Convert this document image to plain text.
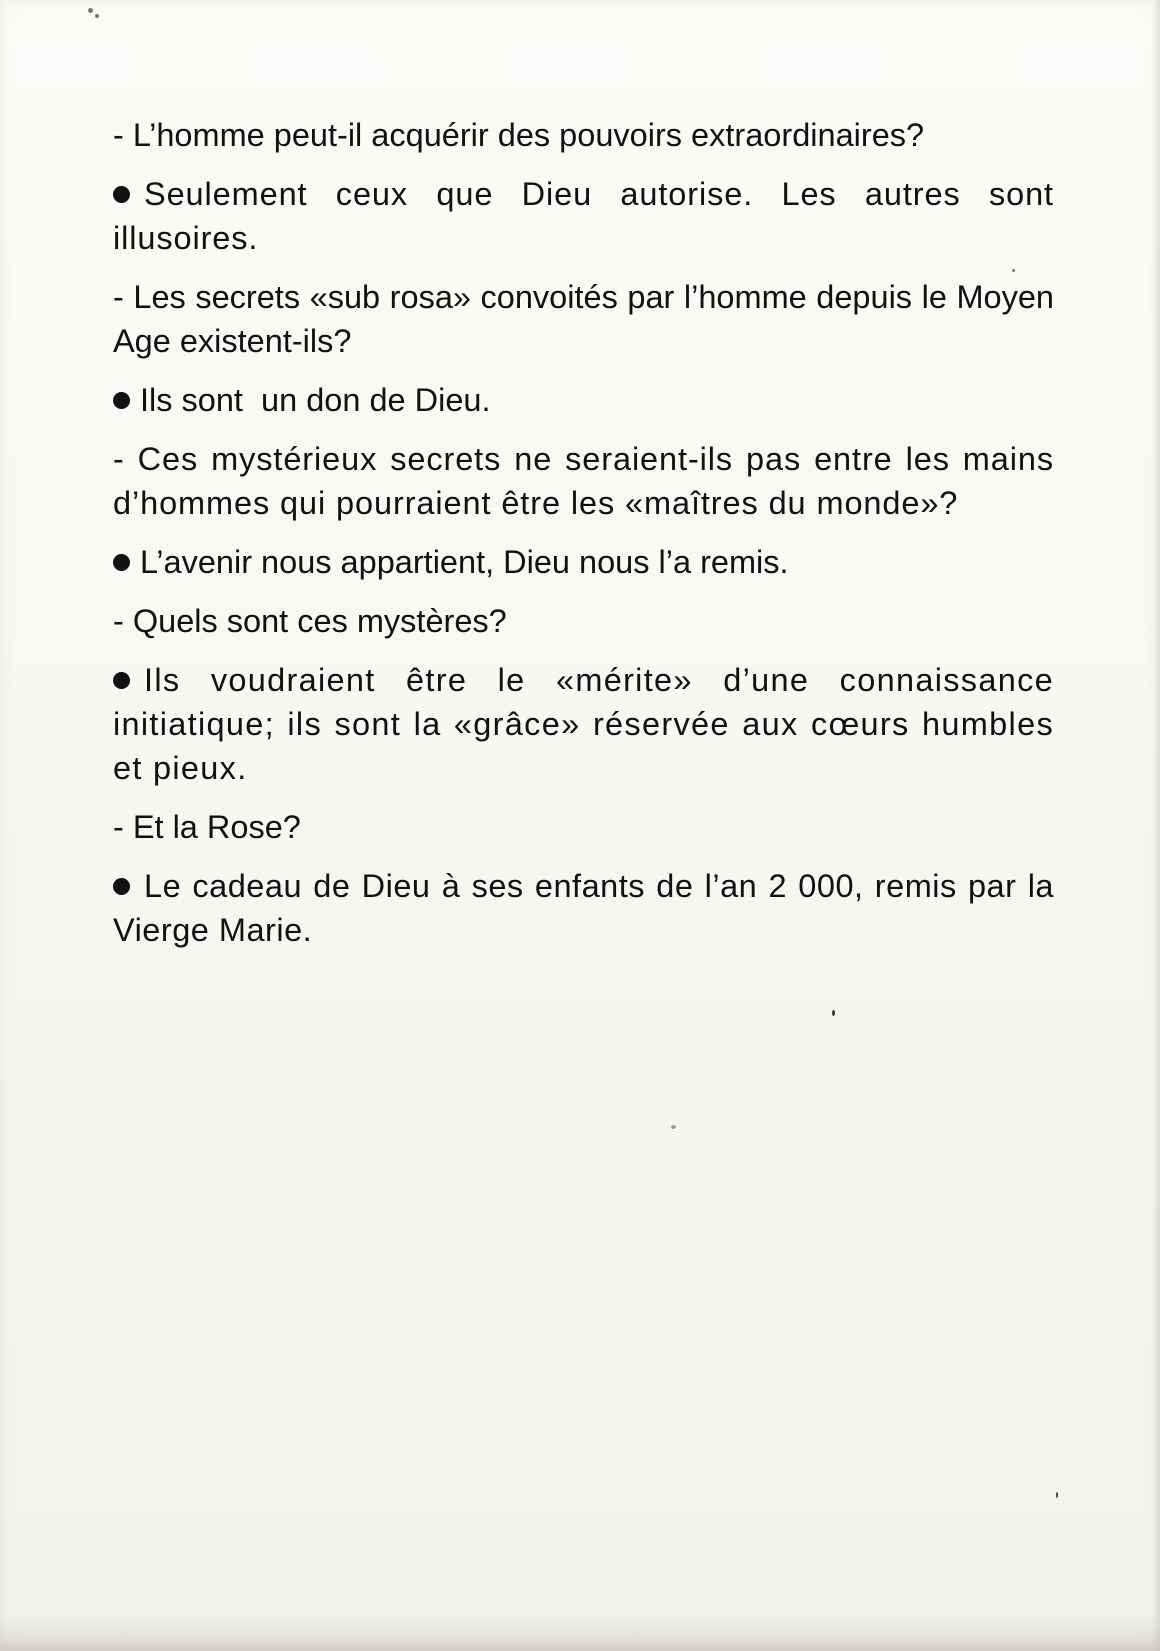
- L’homme peut-il acquérir des pouvoirs extraordinaires?

Seulement ceux que Dieu autorise. Les autres sont illusoires.

- Les secrets «sub rosa» convoités par l’homme depuis le Moyen Age existent-ils?

Ils sont  un don de Dieu.

- Ces mystérieux secrets ne seraient-ils pas entre les mains d’hommes qui pourraient être les «maîtres du monde»?

L’avenir nous appartient, Dieu nous l’a remis.

- Quels sont ces mystères?

Ils voudraient être le «mérite» d’une connaissance initiatique; ils sont la «grâce» réservée aux cœurs humbles et pieux.

- Et la Rose?

Le cadeau de Dieu à ses enfants de l’an 2 000, remis par la Vierge Marie.
